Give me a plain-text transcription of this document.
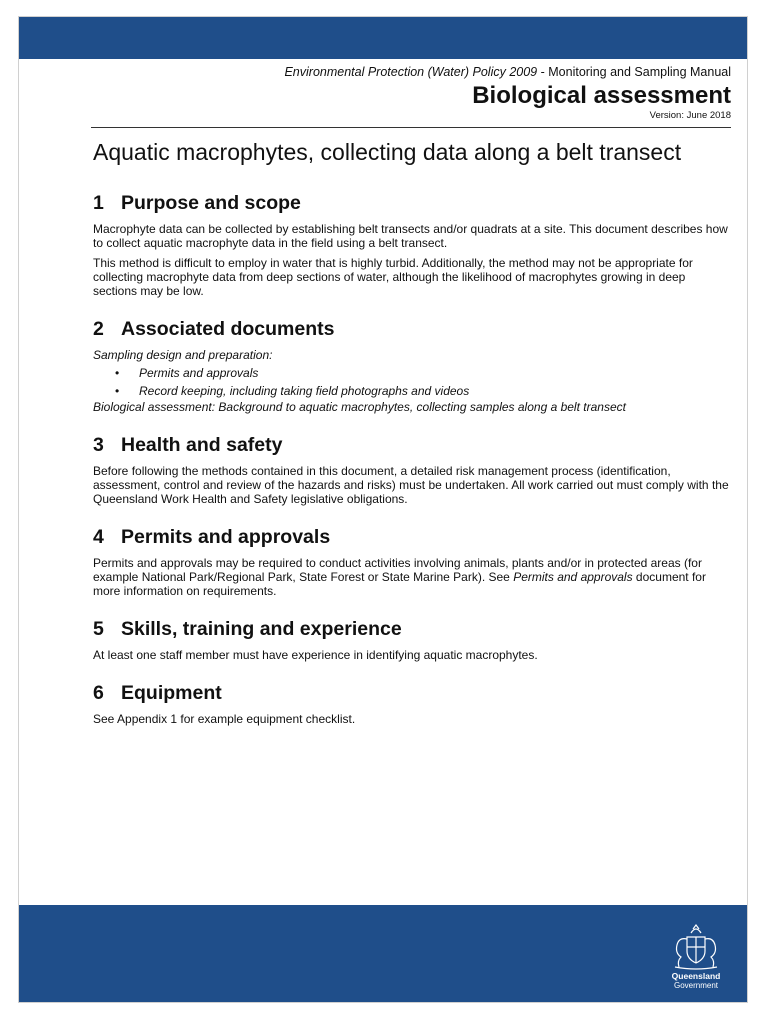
Environmental Protection (Water) Policy 2009 - Monitoring and Sampling Manual
Biological assessment
Version: June 2018
Aquatic macrophytes, collecting data along a belt transect
1 Purpose and scope

Macrophyte data can be collected by establishing belt transects and/or quadrats at a site. This document describes how to collect aquatic macrophyte data in the field using a belt transect.

This method is difficult to employ in water that is highly turbid. Additionally, the method may not be appropriate for collecting macrophyte data from deep sections of water, although the likelihood of macrophytes growing in deep sections may be low.

2 Associated documents

Sampling design and preparation:

• Permits and approvals
• Record keeping, including taking field photographs and videos

Biological assessment: Background to aquatic macrophytes, collecting samples along a belt transect

3 Health and safety

Before following the methods contained in this document, a detailed risk management process (identification, assessment, control and review of the hazards and risks) must be undertaken. All work carried out must comply with the Queensland Work Health and Safety legislative obligations.

4 Permits and approvals

Permits and approvals may be required to conduct activities involving animals, plants and/or in protected areas (for example National Park/Regional Park, State Forest or State Marine Park). See Permits and approvals document for more information on requirements.

5 Skills, training and experience

At least one staff member must have experience in identifying aquatic macrophytes.

6 Equipment

See Appendix 1 for example equipment checklist.

Queensland
Government
